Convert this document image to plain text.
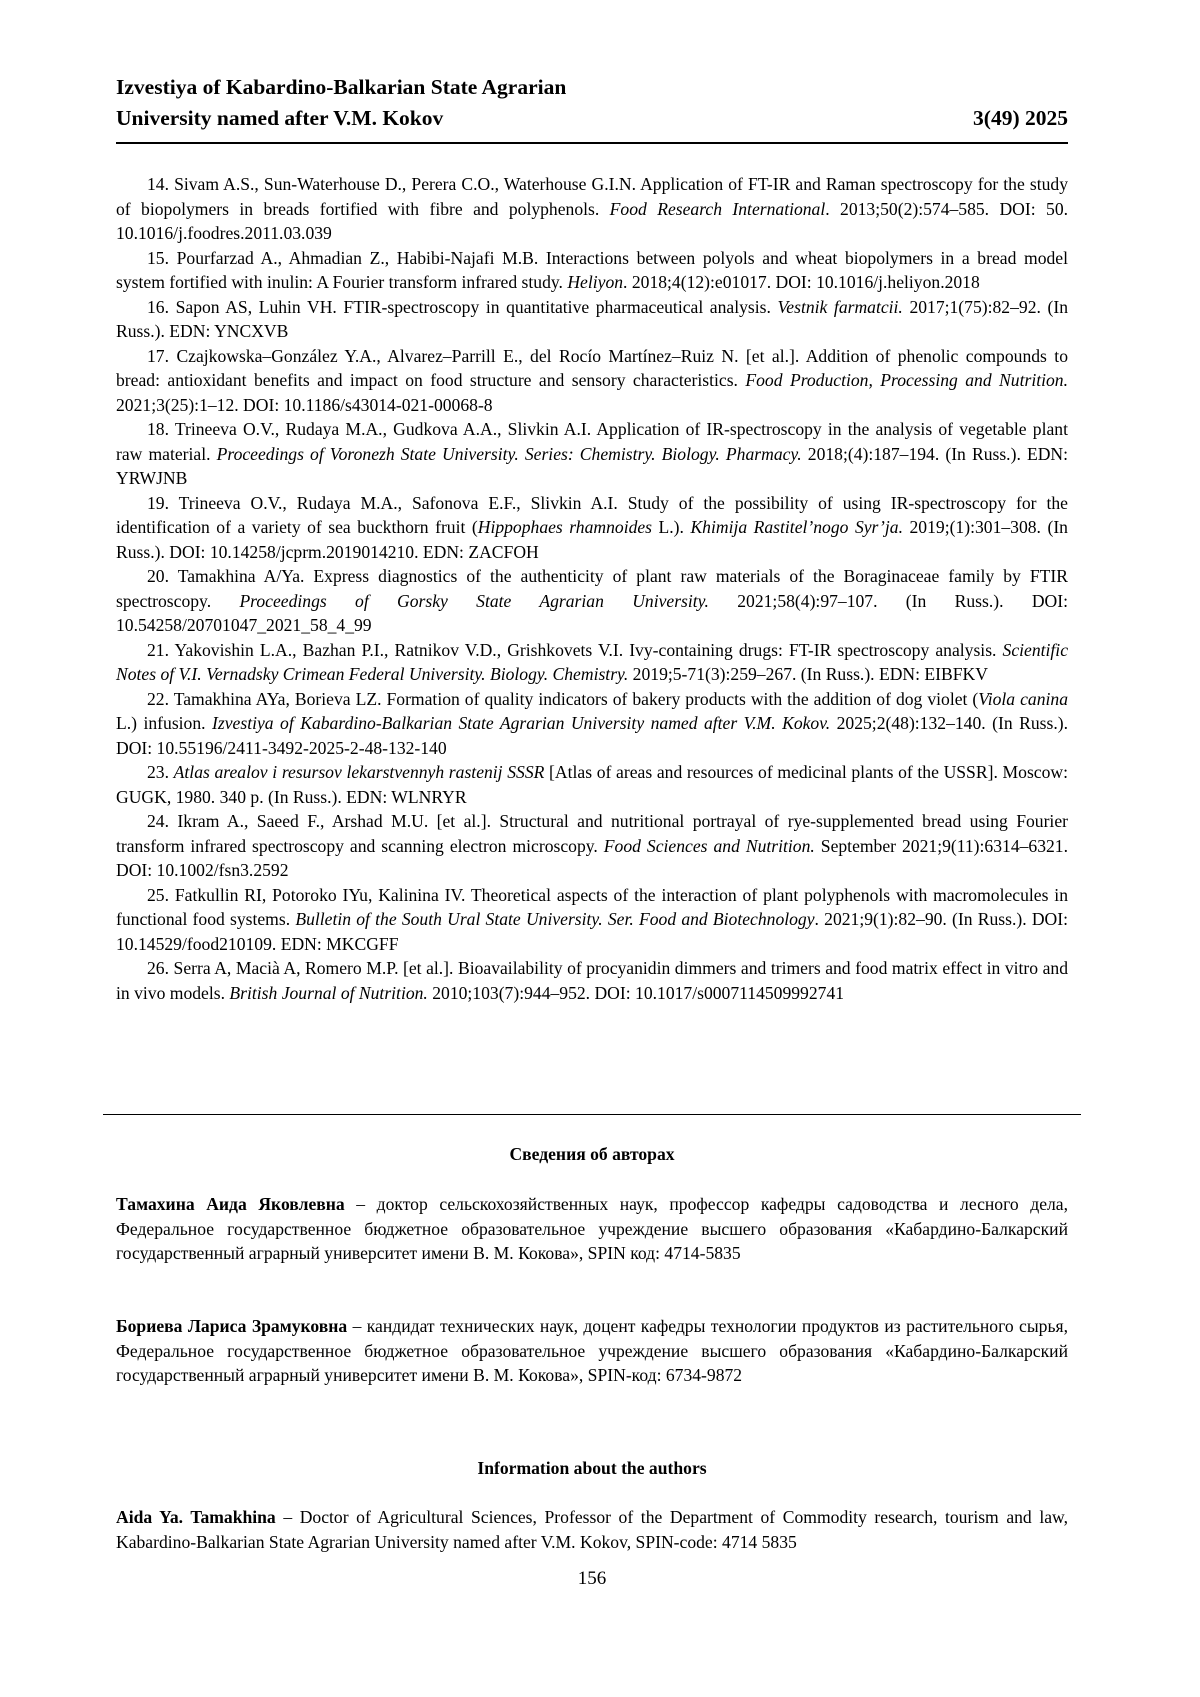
Izvestiya of Kabardino-Balkarian State Agrarian
University named after V.M. Kokov	3(49) 2025

14. Sivam A.S., Sun-Waterhouse D., Perera C.O., Waterhouse G.I.N. Application of FT-IR and Raman spectroscopy for the study of biopolymers in breads fortified with fibre and polyphenols. Food Research International. 2013;50(2):574–585. DOI: 50. 10.1016/j.foodres.2011.03.039

15. Pourfarzad A., Ahmadian Z., Habibi-Najafi M.B. Interactions between polyols and wheat biopolymers in a bread model system fortified with inulin: A Fourier transform infrared study. Heliyon. 2018;4(12):e01017. DOI: 10.1016/j.heliyon.2018

16. Sapon AS, Luhin VH. FTIR-spectroscopy in quantitative pharmaceutical analysis. Vestnik farmatcii. 2017;1(75):82–92. (In Russ.). EDN: YNCXVB

17. Czajkowska–González Y.A., Alvarez–Parrill E., del Rocío Martínez–Ruiz N. [et al.]. Addition of phenolic compounds to bread: antioxidant benefits and impact on food structure and sensory characteristics. Food Production, Processing and Nutrition. 2021;3(25):1–12. DOI: 10.1186/s43014-021-00068-8

18. Trineeva O.V., Rudaya M.A., Gudkova A.A., Slivkin A.I. Application of IR-spectroscopy in the analysis of vegetable plant raw material. Proceedings of Voronezh State University. Series: Chemistry. Biology. Pharmacy. 2018;(4):187–194. (In Russ.). EDN: YRWJNB

19. Trineeva O.V., Rudaya M.A., Safonova E.F., Slivkin A.I. Study of the possibility of using IR-spectroscopy for the identification of a variety of sea buckthorn fruit (Hippophaes rhamnoides L.). Khimija Rastitel’nogo Syr’ja. 2019;(1):301–308. (In Russ.). DOI: 10.14258/jcprm.2019014210. EDN: ZACFOH

20. Tamakhina A/Ya. Express diagnostics of the authenticity of plant raw materials of the Boraginaceae family by FTIR spectroscopy. Proceedings of Gorsky State Agrarian University. 2021;58(4):97–107. (In Russ.). DOI: 10.54258/20701047_2021_58_4_99

21. Yakovishin L.A., Bazhan P.I., Ratnikov V.D., Grishkovets V.I. Ivy-containing drugs: FT-IR spectroscopy analysis. Scientific Notes of V.I. Vernadsky Crimean Federal University. Biology. Chemistry. 2019;5-71(3):259–267. (In Russ.). EDN: EIBFKV

22. Tamakhina AYa, Borieva LZ. Formation of quality indicators of bakery products with the addition of dog violet (Viola canina L.) infusion. Izvestiya of Kabardino-Balkarian State Agrarian University named after V.M. Kokov. 2025;2(48):132–140. (In Russ.). DOI: 10.55196/2411-3492-2025-2-48-132-140

23. Atlas arealov i resursov lekarstvennyh rastenij SSSR [Atlas of areas and resources of medicinal plants of the USSR]. Moscow: GUGK, 1980. 340 p. (In Russ.). EDN: WLNRYR

24. Ikram A., Saeed F., Arshad M.U. [et al.]. Structural and nutritional portrayal of rye-supplemented bread using Fourier transform infrared spectroscopy and scanning electron microscopy. Food Sciences and Nutrition. September 2021;9(11):6314–6321. DOI: 10.1002/fsn3.2592

25. Fatkullin RI, Potoroko IYu, Kalinina IV. Theoretical aspects of the interaction of plant polyphenols with macromolecules in functional food systems. Bulletin of the South Ural State University. Ser. Food and Biotechnology. 2021;9(1):82–90. (In Russ.). DOI: 10.14529/food210109. EDN: MKCGFF

26. Serra A, Macià A, Romero M.P. [et al.]. Bioavailability of procyanidin dimmers and trimers and food matrix effect in vitro and in vivo models. British Journal of Nutrition. 2010;103(7):944–952. DOI: 10.1017/s0007114509992741

Сведения об авторах
Тамахина Аида Яковлевна – доктор сельскохозяйственных наук, профессор кафедры садоводства и лесного дела, Федеральное государственное бюджетное образовательное учреждение высшего образования «Кабардино-Балкарский государственный аграрный университет имени В. М. Кокова», SPIN код: 4714-5835
Бориева Лариса Зрамуковна – кандидат технических наук, доцент кафедры технологии продуктов из растительного сырья, Федеральное государственное бюджетное образовательное учреждение высшего образования «Кабардино-Балкарский государственный аграрный университет имени В. М. Кокова», SPIN-код: 6734-9872
Information about the authors
Aida Ya. Tamakhina – Doctor of Agricultural Sciences, Professor of the Department of Commodity research, tourism and law, Kabardino-Balkarian State Agrarian University named after V.M. Kokov, SPIN-code: 4714 5835
156
